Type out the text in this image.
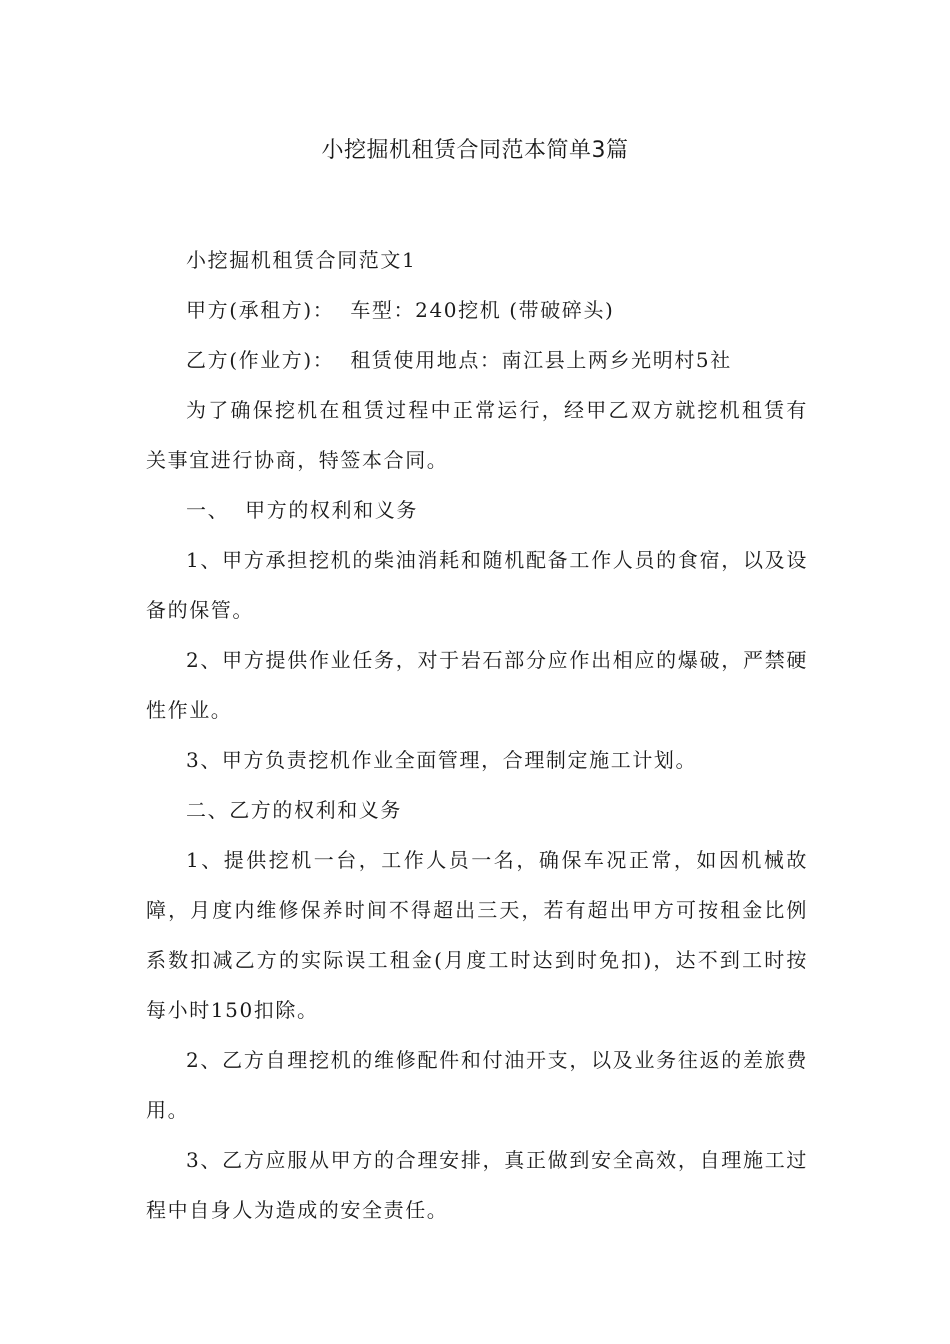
小挖掘机租赁合同范本简单3篇

小挖掘机租赁合同范文1

甲方(承租方)：  车型：240挖机 (带破碎头)

乙方(作业方)：  租赁使用地点：南江县上两乡光明村5社

为了确保挖机在租赁过程中正常运行，经甲乙双方就挖机租赁有关事宜进行协商，特签本合同。

一、  甲方的权利和义务

1、甲方承担挖机的柴油消耗和随机配备工作人员的食宿，以及设备的保管。

2、甲方提供作业任务，对于岩石部分应作出相应的爆破，严禁硬性作业。

3、甲方负责挖机作业全面管理，合理制定施工计划。

二、乙方的权利和义务

1、提供挖机一台，工作人员一名，确保车况正常，如因机械故障，月度内维修保养时间不得超出三天，若有超出甲方可按租金比例系数扣减乙方的实际误工租金(月度工时达到时免扣)，达不到工时按每小时150扣除。

2、乙方自理挖机的维修配件和付油开支，以及业务往返的差旅费用。

3、乙方应服从甲方的合理安排，真正做到安全高效，自理施工过程中自身人为造成的安全责任。
